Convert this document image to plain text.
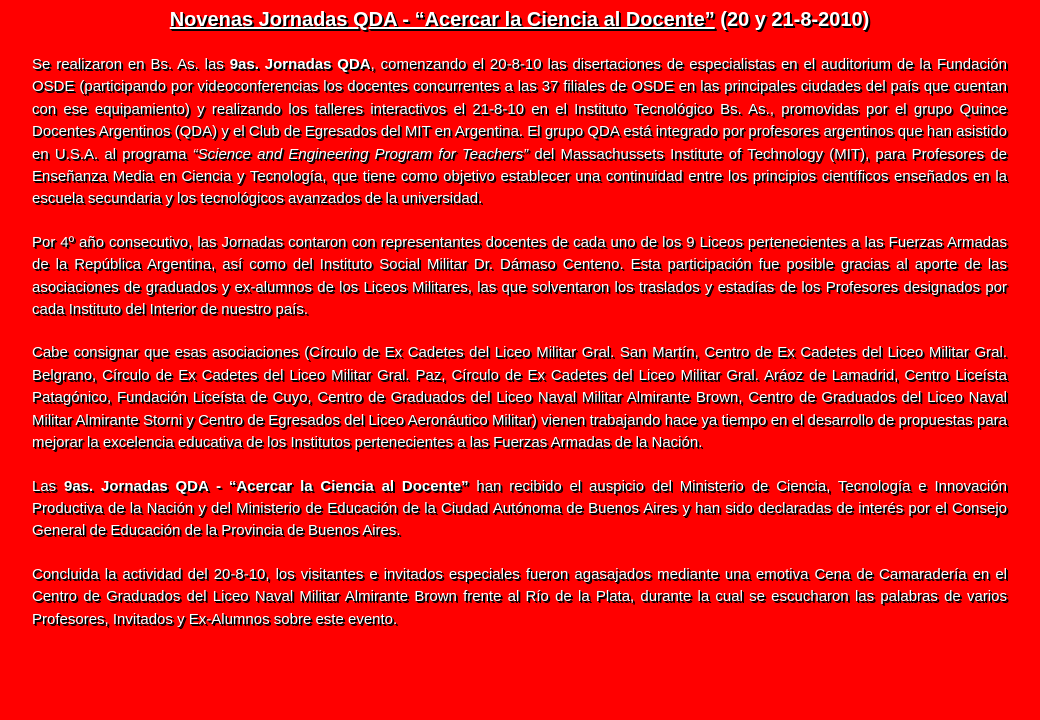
Novenas Jornadas QDA - “Acercar la Ciencia al Docente” (20 y 21-8-2010)

Se realizaron en Bs. As. las 9as. Jornadas QDA, comenzando el 20-8-10 las disertaciones de especialistas en el auditorium de la Fundación OSDE (participando por videoconferencias los docentes concurrentes a las 37 filiales de OSDE en las principales ciudades del país que cuentan con ese equipamiento) y realizando los talleres interactivos el 21-8-10 en el Instituto Tecnológico Bs. As., promovidas por el grupo Quince Docentes Argentinos (QDA) y el Club de Egresados del MIT en Argentina. El grupo QDA está integrado por profesores argentinos que han asistido en U.S.A. al programa “Science and Engineering Program for Teachers” del Massachussets Institute of Technology (MIT), para Profesores de Enseñanza Media en Ciencia y Tecnología, que tiene como objetivo establecer una continuidad entre los principios científicos enseñados en la escuela secundaria y los tecnológicos avanzados de la universidad.

Por 4º año consecutivo, las Jornadas contaron con representantes docentes de cada uno de los 9 Liceos pertenecientes a las Fuerzas Armadas de la República Argentina, así como del Instituto Social Militar Dr. Dámaso Centeno. Esta participación fue posible gracias al aporte de las asociaciones de graduados y ex-alumnos de los Liceos Militares, las que solventaron los traslados y estadías de los Profesores designados por cada Instituto del Interior de nuestro país.

Cabe consignar que esas asociaciones (Círculo de Ex Cadetes del Liceo Militar Gral. San Martín, Centro de Ex Cadetes del Liceo Militar Gral. Belgrano, Círculo de Ex Cadetes del Liceo Militar Gral. Paz, Círculo de Ex Cadetes del Liceo Militar Gral. Aráoz de Lamadrid, Centro Liceísta Patagónico, Fundación Liceísta de Cuyo, Centro de Graduados del Liceo Naval Militar Almirante Brown, Centro de Graduados del Liceo Naval Militar Almirante Storni y Centro de Egresados del Liceo Aeronáutico Militar) vienen trabajando hace ya tiempo en el desarrollo de propuestas para mejorar la excelencia educativa de los Institutos pertenecientes a las Fuerzas Armadas de la Nación.

Las 9as. Jornadas QDA - “Acercar la Ciencia al Docente” han recibido el auspicio del Ministerio de Ciencia, Tecnología e Innovación Productiva de la Nación y del Ministerio de Educación de la Ciudad Autónoma de Buenos Aires y han sido declaradas de interés por el Consejo General de Educación de la Provincia de Buenos Aires.

Concluida la actividad del 20-8-10, los visitantes e invitados especiales fueron agasajados mediante una emotiva Cena de Camaradería en el Centro de Graduados del Liceo Naval Militar Almirante Brown frente al Río de la Plata, durante la cual se escucharon las palabras de varios Profesores, Invitados y Ex-Alumnos sobre este evento.
